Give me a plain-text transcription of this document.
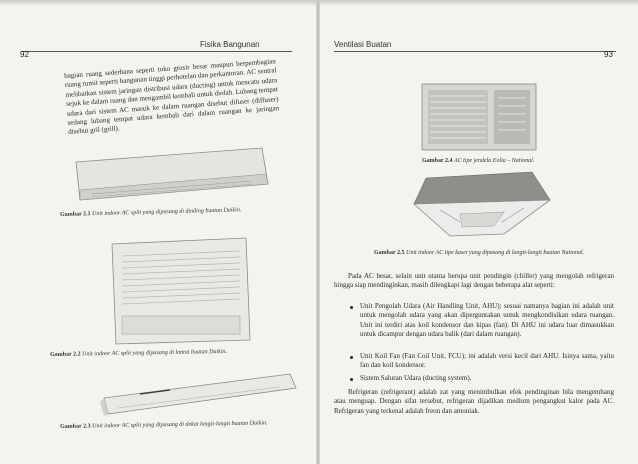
Fisika Bangunan
92
bagian ruang sederhana seperti toko grosir besar maupun berpembagian ruang rumit seperti bangunan tinggi perhotelan dan perkantoran. AC sentral melibatkan sistem jaringan distribusi udara (ducting) untuk mencatu udara sejuk ke dalam ruang dan mengambil kembali untuk diolah. Lubang tempat udara dari sistem AC masuk ke dalam ruangan disebut difuser (diffuser) sedang lubang tempat udara kembali dari dalam ruangan ke jaringan disebut gril (grill).
Gambar 2.1 Unit indoor AC split yang dipasang di dinding buatan Daikin.
Gambar 2.2 Unit indoor AC split yang dipasang di lantai buatan Daikin.
Gambar 2.3 Unit indoor AC split yang dipasang di dekat langit-langit buatan Daikin.
Ventilasi Buatan
93
Gambar 2.4 AC tipe jendela Eolia – National.
Gambar 2.5 Unit indoor AC tipe kaset yang dipasang di langit-langit buatan National.
Pada AC besar, selain unit utama berupa unit pendingin (chiller) yang mengolah refrigeran hingga siap mendinginkan, masih dilengkapi lagi dengan beberapa alat seperti:
Unit Pengolah Udara (Air Handling Unit, AHU); sesuai namanya bagian ini adalah unit untuk mengolah udara yang akan diperguntakan untuk mengkondisikan udara ruangan. Unit ini terdiri atas koil kondensor dan kipas (fan). Di AHU ini udara luar dimasukkan untuk dicampur dengan udara balik (dari dalam ruangan).
Unit Koil Fan (Fan Coil Unit, FCU); ini adalah versi kecil dari AHU. Isinya sama, yaitu fan dan koil kondensor.
Sistem Saluran Udara (ducting system).
Refrigeran (refrigerant) adalah zat yang menimbulkan efek pendinginan bila mengembang atau menguap. Dengan sifat tersebut, refrigeran dijadikan medium pengangkut kalor pada AC. Refrigeran yang terkenal adalah freon dan amoniak.
